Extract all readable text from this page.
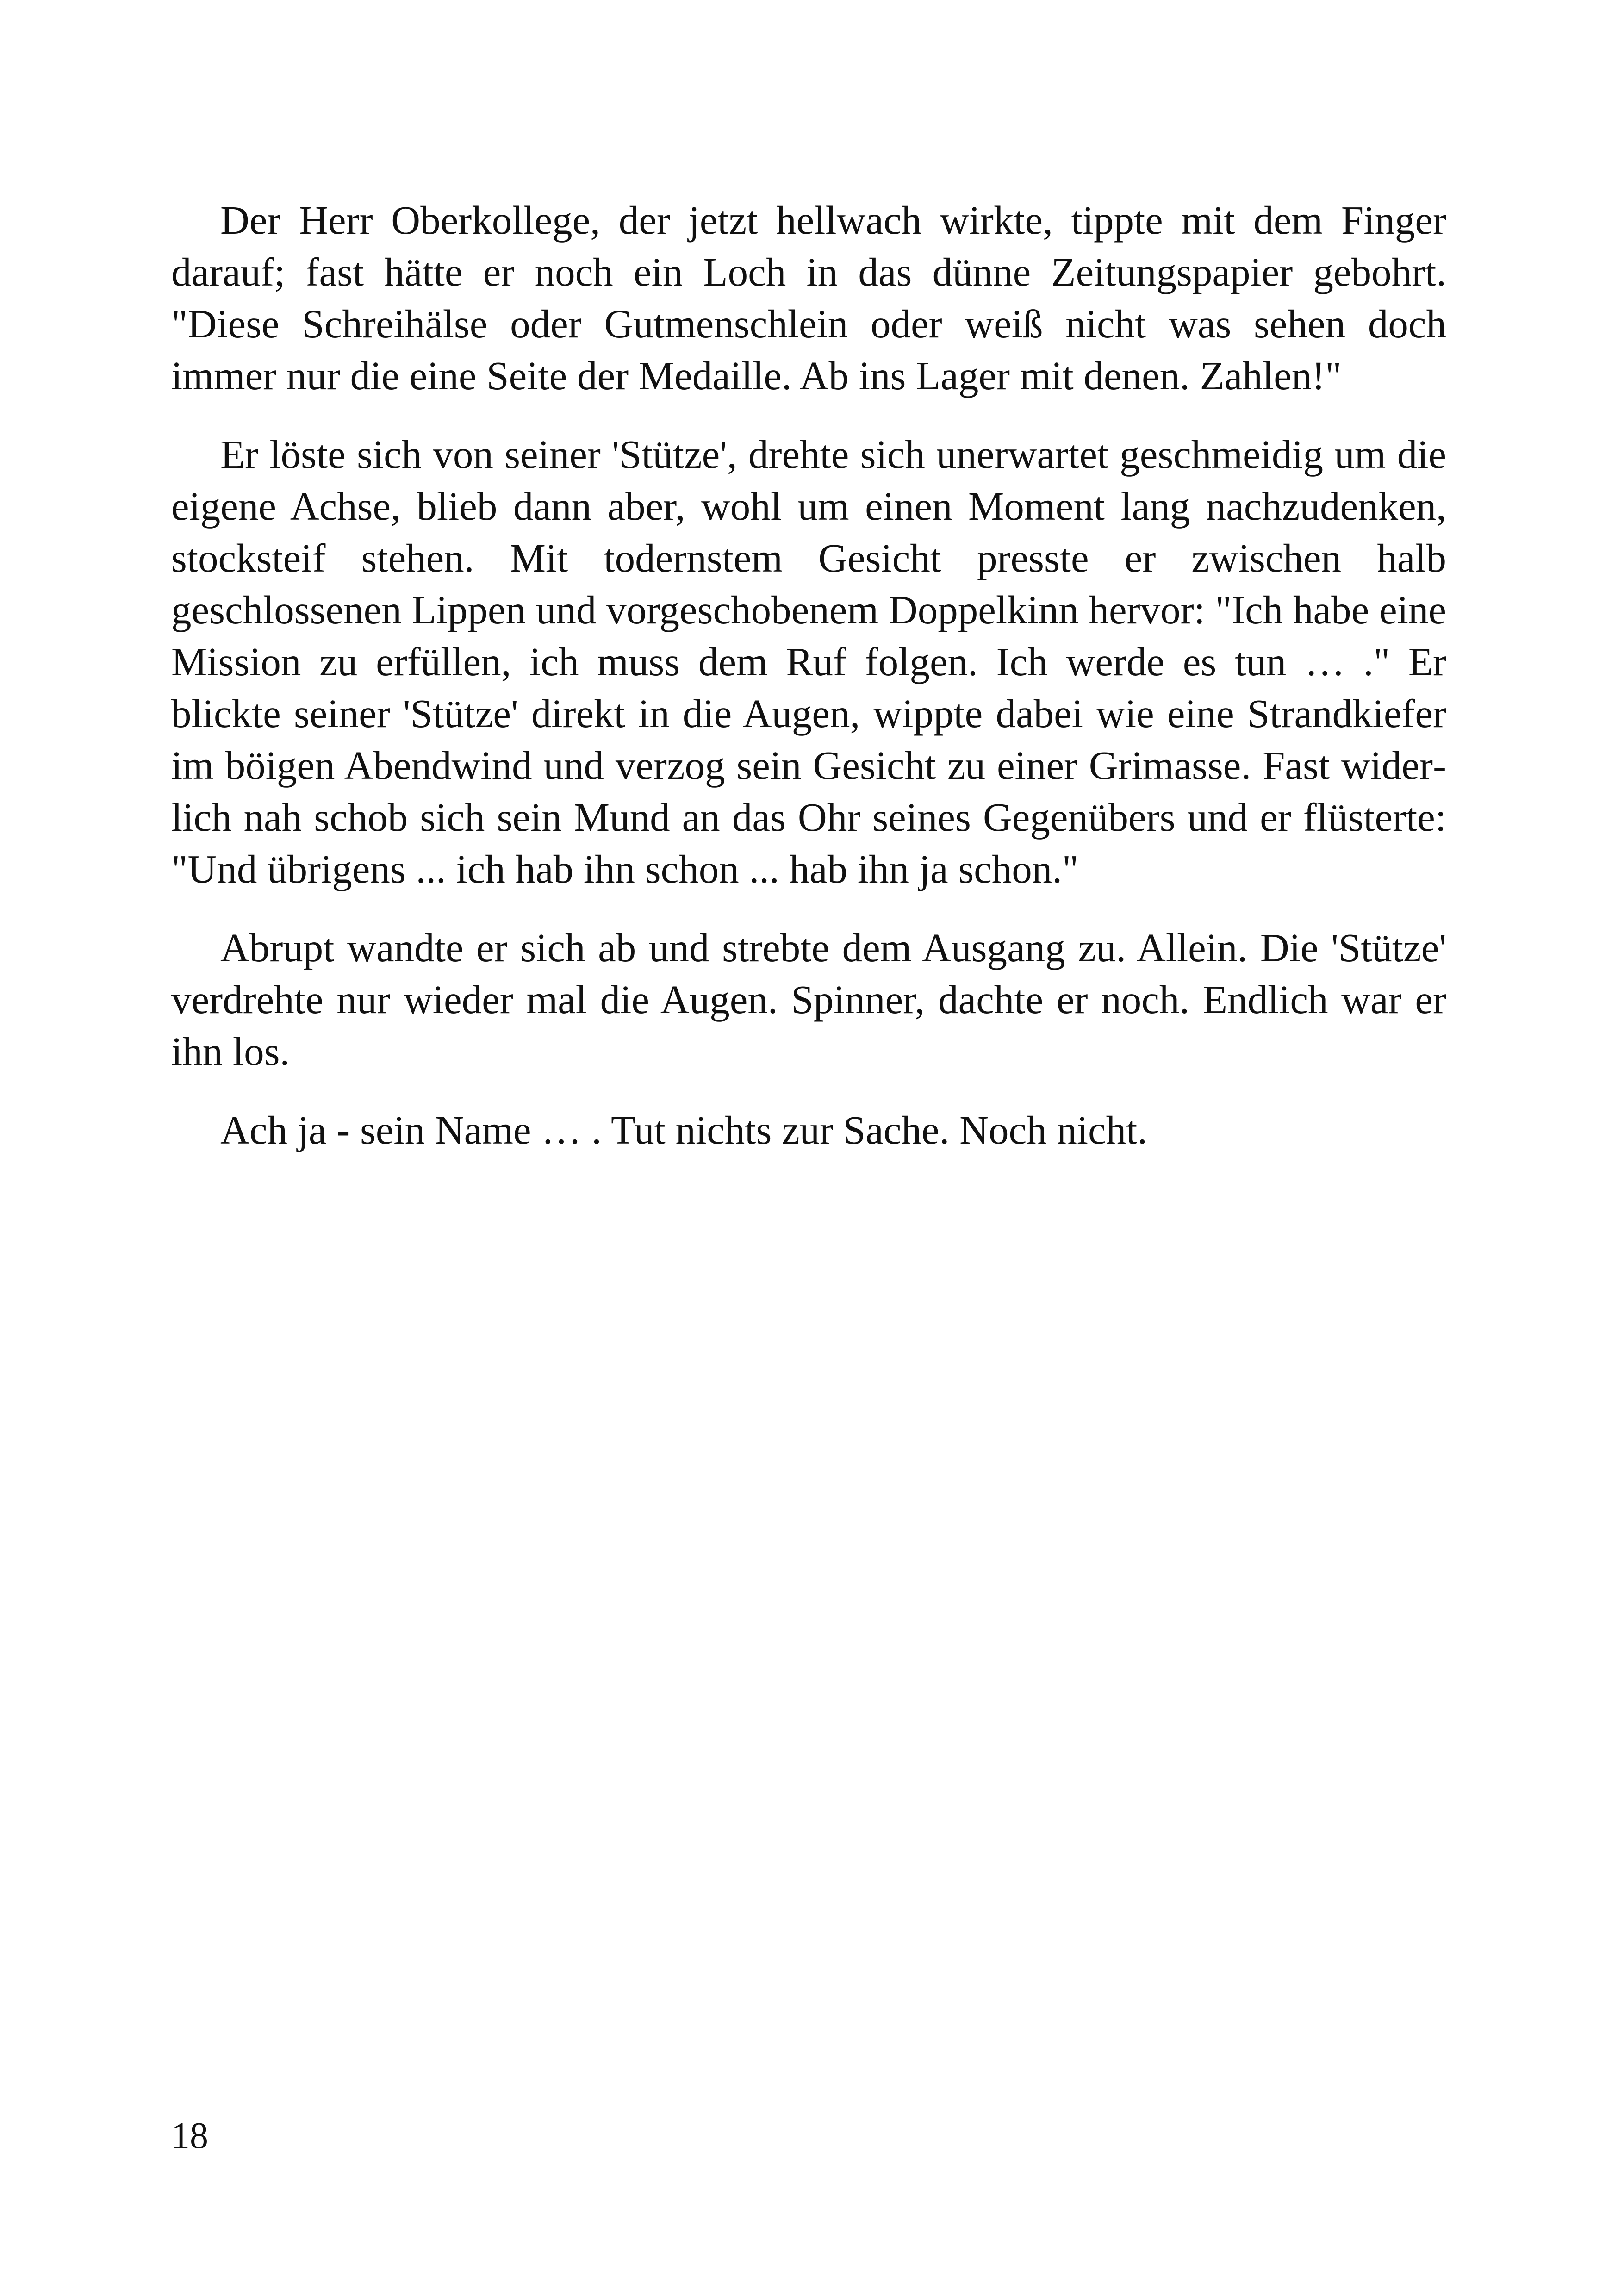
Der Herr Oberkollege, der jetzt hellwach wirkte, tippte mit dem Finger darauf; fast hätte er noch ein Loch in das dünne Zeitungspapier gebohrt. "Diese Schreihälse oder Gutmenschlein oder weiß nicht was sehen doch immer nur die eine Seite der Medaille. Ab ins Lager mit denen. Zahlen!"

Er löste sich von seiner 'Stütze', drehte sich unerwartet geschmeidig um die eigene Achse, blieb dann aber, wohl um einen Moment lang nachzudenken, stocksteif stehen. Mit todernstem Gesicht presste er zwischen halb geschlossenen Lippen und vorgeschobenem Doppelkinn hervor: "Ich habe eine Mission zu erfüllen, ich muss dem Ruf folgen. Ich werde es tun … ." Er blickte seiner 'Stütze' direkt in die Augen, wippte dabei wie eine Strandkiefer im böigen Abendwind und verzog sein Gesicht zu einer Grimasse. Fast widerlich nah schob sich sein Mund an das Ohr seines Gegenübers und er flüsterte: "Und übrigens ... ich hab ihn schon ... hab ihn ja schon."

Abrupt wandte er sich ab und strebte dem Ausgang zu. Allein. Die 'Stütze' verdrehte nur wieder mal die Augen. Spinner, dachte er noch. Endlich war er ihn los.

Ach ja - sein Name … . Tut nichts zur Sache. Noch nicht.

18
